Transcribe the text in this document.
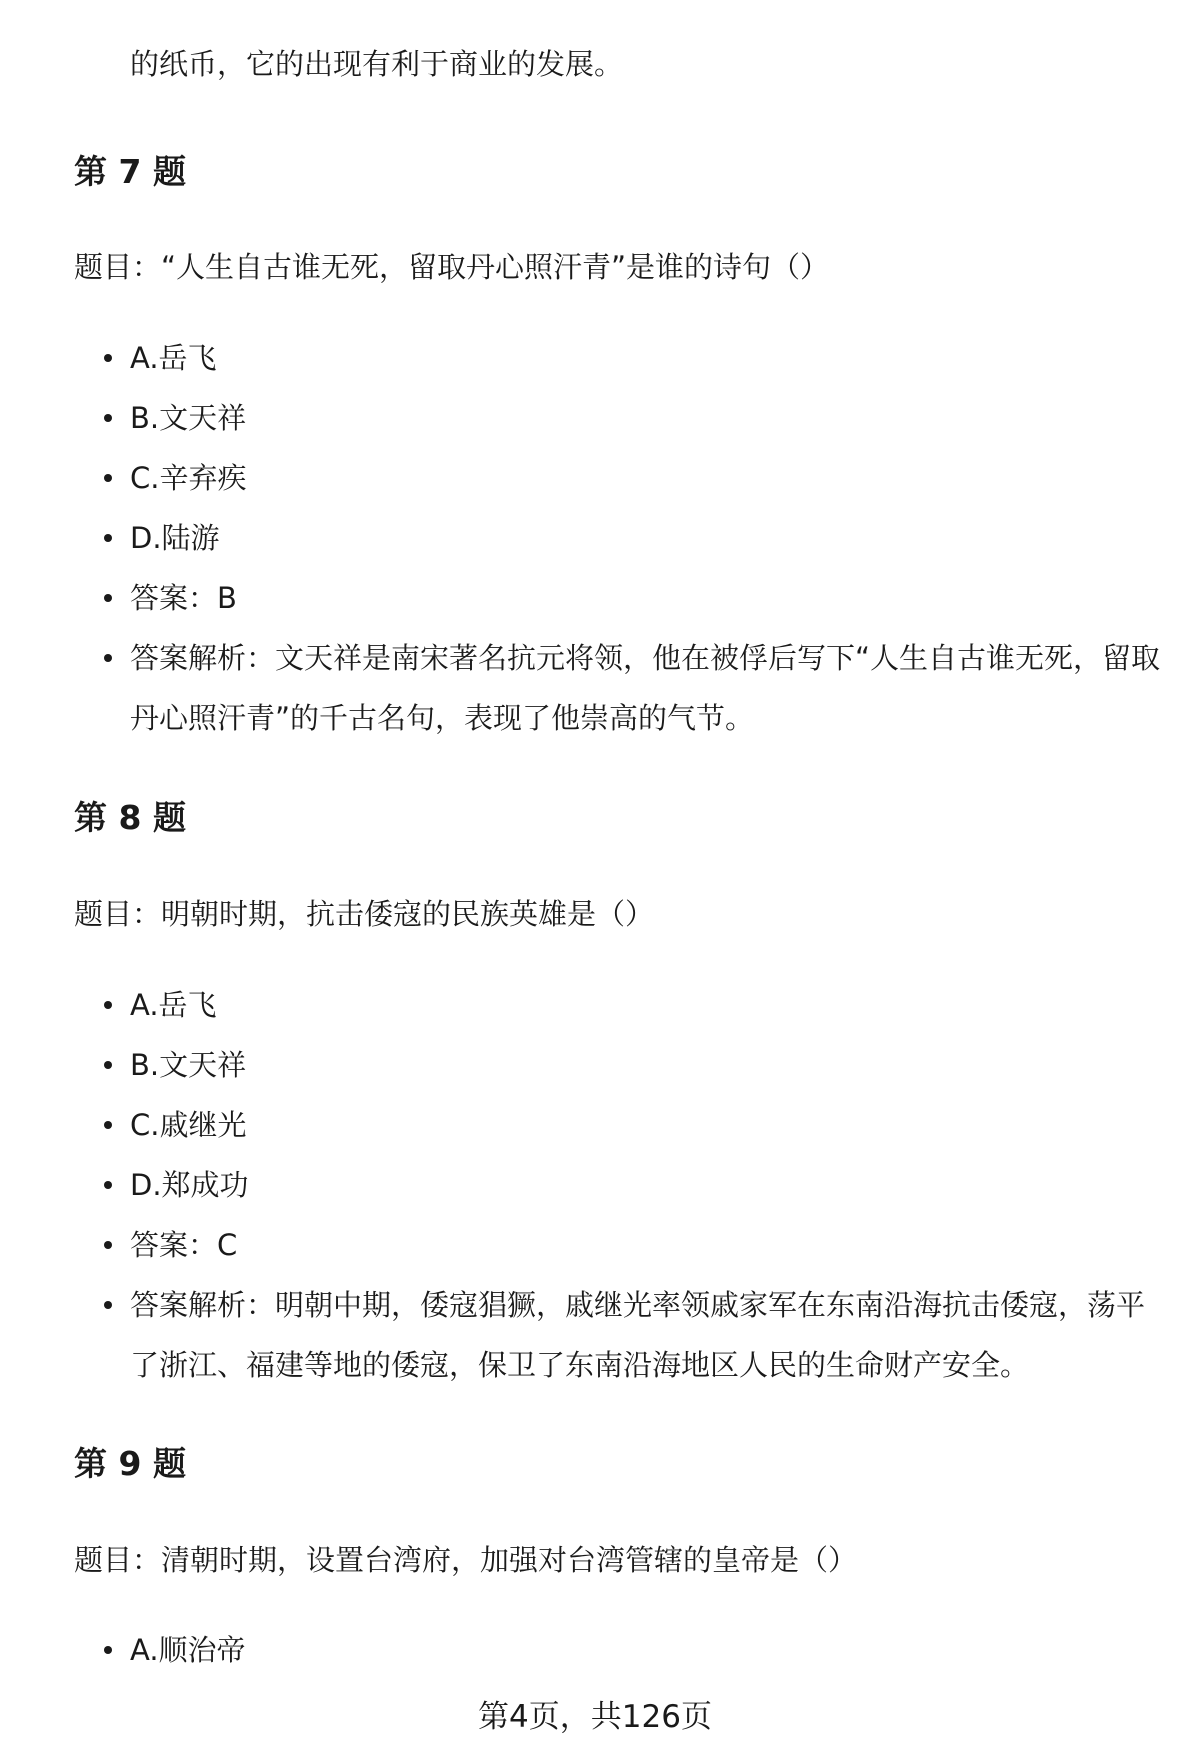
的纸币，它的出现有利于商业的发展。
第 7 题
题目：“人生自古谁无死，留取丹心照汗青”是谁的诗句（）
A.岳飞
B.文天祥
C.辛弃疾
D.陆游
答案：B
答案解析：文天祥是南宋著名抗元将领，他在被俘后写下“人生自古谁无死，留取丹心照汗青”的千古名句，表现了他崇高的气节。
第 8 题
题目：明朝时期，抗击倭寇的民族英雄是（）
A.岳飞
B.文天祥
C.戚继光
D.郑成功
答案：C
答案解析：明朝中期，倭寇猖獗，戚继光率领戚家军在东南沿海抗击倭寇，荡平了浙江、福建等地的倭寇，保卫了东南沿海地区人民的生命财产安全。
第 9 题
题目：清朝时期，设置台湾府，加强对台湾管辖的皇帝是（）
A.顺治帝
第4页，共126页
